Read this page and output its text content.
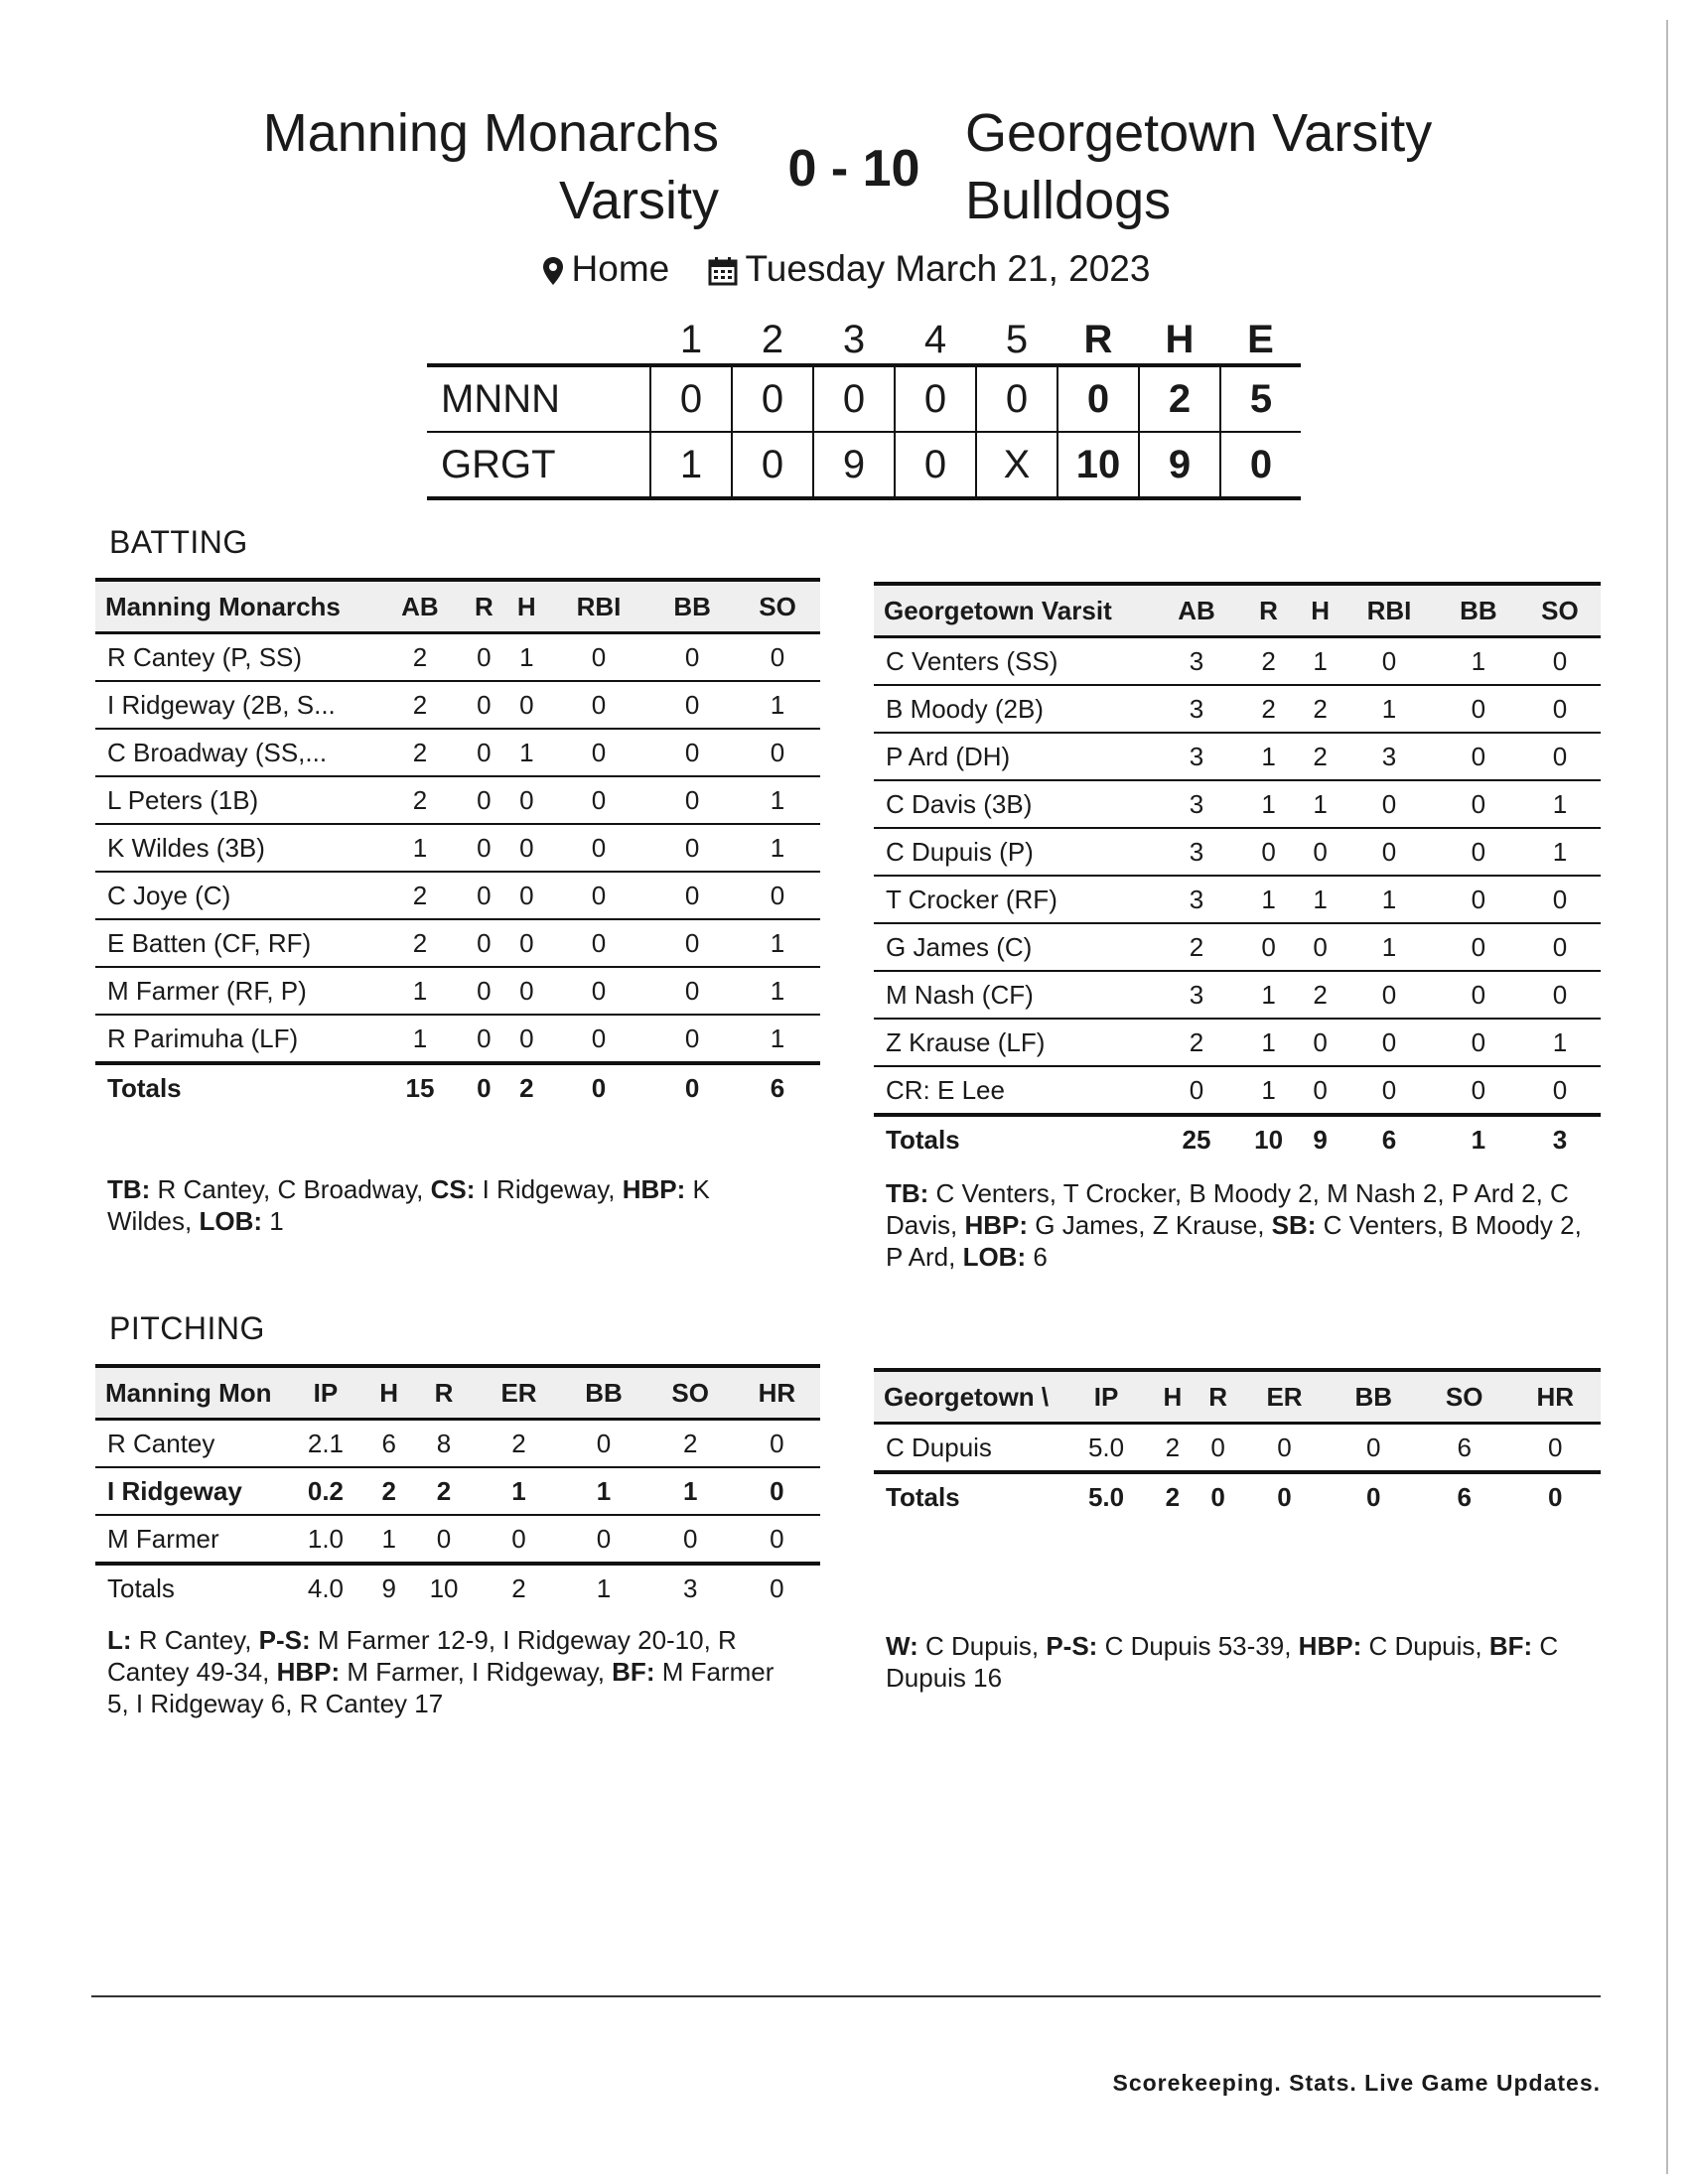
Manning Monarchs
Varsity
0 - 10
Georgetown Varsity
Bulldogs
Home Tuesday March 21, 2023
	1	2	3	4	5	R	H	E
MNNN	0	0	0	0	0	0	2	5
GRGT	1	0	9	0	X	10	9	0
BATTING
Manning Monarchs	AB	R	H	RBI	BB	SO
R Cantey (P, SS)	2	0	1	0	0	0
I Ridgeway (2B, S...	2	0	0	0	0	1
C Broadway (SS,...	2	0	1	0	0	0
L Peters (1B)	2	0	0	0	0	1
K Wildes (3B)	1	0	0	0	0	1
C Joye (C)	2	0	0	0	0	0
E Batten (CF, RF)	2	0	0	0	0	1
M Farmer (RF, P)	1	0	0	0	0	1
R Parimuha (LF)	1	0	0	0	0	1
Totals	15	0	2	0	0	6
Georgetown Varsit	AB	R	H	RBI	BB	SO
C Venters (SS)	3	2	1	0	1	0
B Moody (2B)	3	2	2	1	0	0
P Ard (DH)	3	1	2	3	0	0
C Davis (3B)	3	1	1	0	0	1
C Dupuis (P)	3	0	0	0	0	1
T Crocker (RF)	3	1	1	1	0	0
G James (C)	2	0	0	1	0	0
M Nash (CF)	3	1	2	0	0	0
Z Krause (LF)	2	1	0	0	0	1
CR: E Lee	0	1	0	0	0	0
Totals	25	10	9	6	1	3
TB: R Cantey, C Broadway, CS: I Ridgeway, HBP: K Wildes, LOB: 1
TB: C Venters, T Crocker, B Moody 2, M Nash 2, P Ard 2, C Davis, HBP: G James, Z Krause, SB: C Venters, B Moody 2, P Ard, LOB: 6
PITCHING
Manning Mon	IP	H	R	ER	BB	SO	HR
R Cantey	2.1	6	8	2	0	2	0
I Ridgeway	0.2	2	2	1	1	1	0
M Farmer	1.0	1	0	0	0	0	0
Totals	4.0	9	10	2	1	3	0
Georgetown \	IP	H	R	ER	BB	SO	HR
C Dupuis	5.0	2	0	0	0	6	0
Totals	5.0	2	0	0	0	6	0
L: R Cantey, P-S: M Farmer 12-9, I Ridgeway 20-10, R Cantey 49-34, HBP: M Farmer, I Ridgeway, BF: M Farmer 5, I Ridgeway 6, R Cantey 17
W: C Dupuis, P-S: C Dupuis 53-39, HBP: C Dupuis, BF: C Dupuis 16
Scorekeeping. Stats. Live Game Updates.
